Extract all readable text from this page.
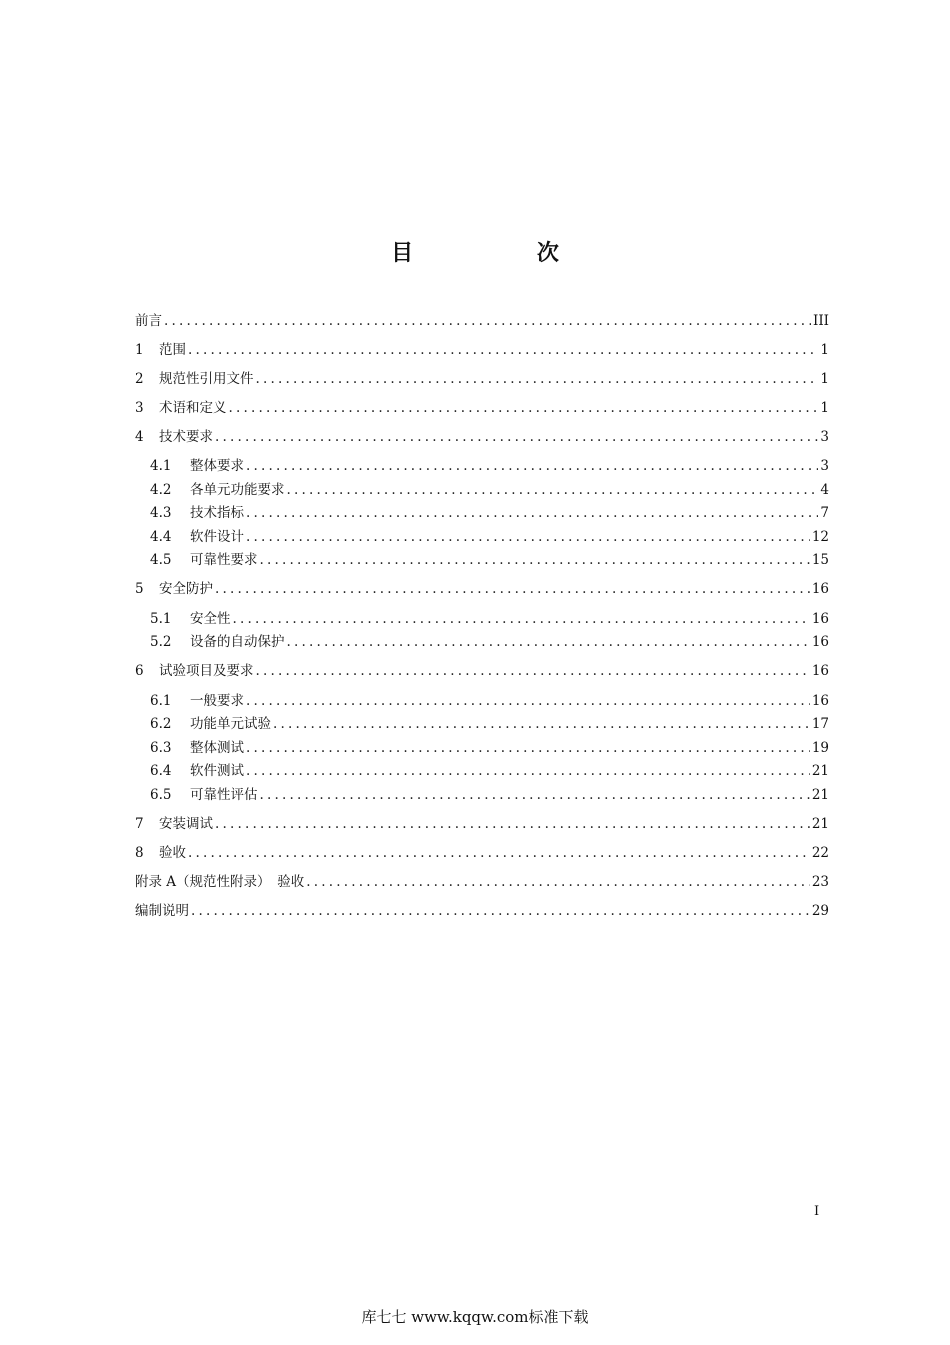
目 次
前言 .....	III
1	范围 .....	1
2	规范性引用文件 .....	1
3	术语和定义 .....	1
4	技术要求 .....	3
4.1	整体要求 .....	3
4.2	各单元功能要求 .....	4
4.3	技术指标 .....	7
4.4	软件设计 .....	12
4.5	可靠性要求 .....	15
5	安全防护 .....	16
5.1	安全性 .....	16
5.2	设备的自动保护 .....	16
6	试验项目及要求 .....	16
6.1	一般要求 .....	16
6.2	功能单元试验 .....	17
6.3	整体测试 .....	19
6.4	软件测试 .....	21
6.5	可靠性评估 .....	21
7	安装调试 .....	21
8	验收 .....	22
附录 A（规范性附录）　验收 .....	23
编制说明 .....	29
I
库七七 www.kqqw.com标准下载
